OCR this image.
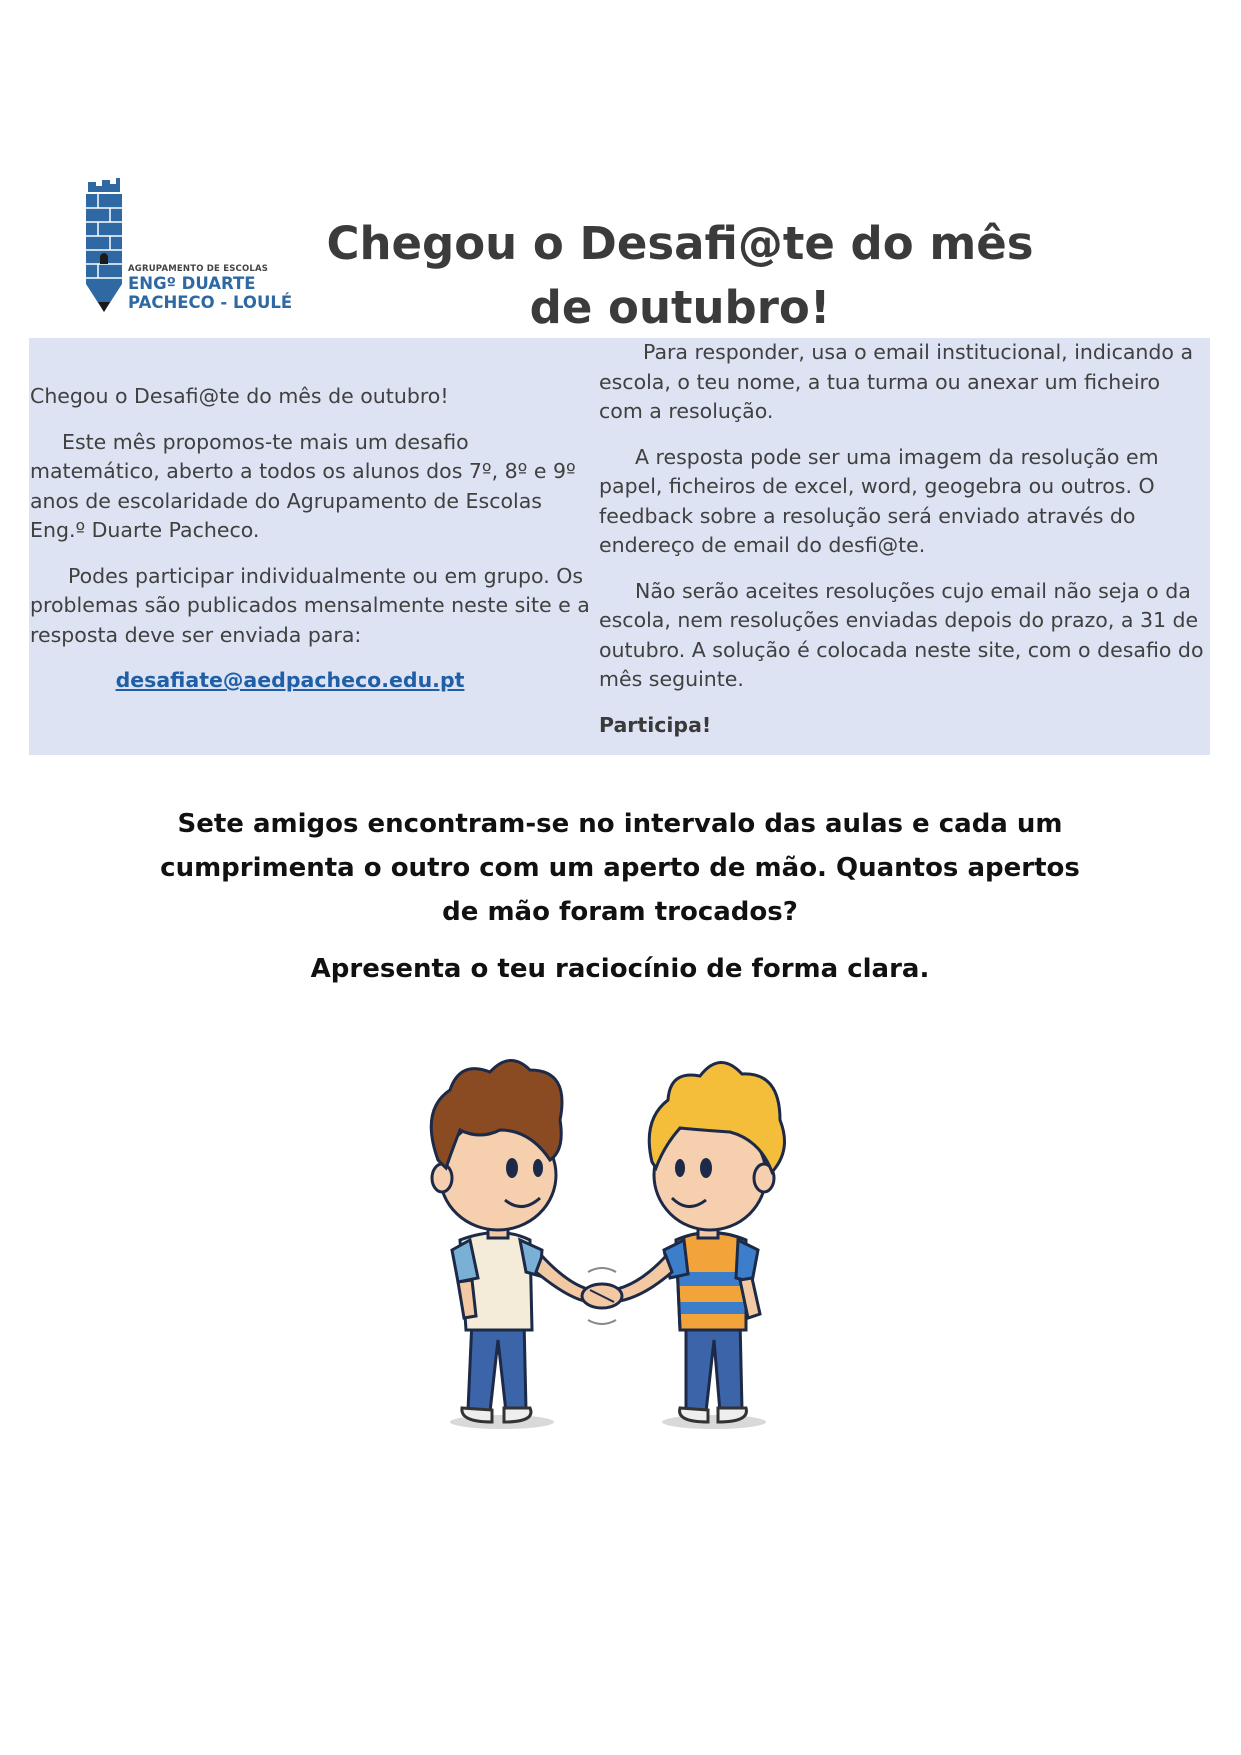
AGRUPAMENTO DE ESCOLAS
ENGº DUARTE
PACHECO - LOULÉ
Chegou o Desafi@te do mês de outubro!

Chegou o Desafi@te do mês de outubro!

Este mês propomos-te mais um desafio matemático, aberto a todos os alunos dos 7º, 8º e 9º anos de escolaridade do Agrupamento de Escolas Eng.º Duarte Pacheco.

Podes participar individualmente ou em grupo. Os problemas são publicados mensalmente neste site e a resposta deve ser enviada para:

desafiate@aedpacheco.edu.pt

Para responder, usa o email institucional, indicando a escola, o teu nome, a tua turma ou anexar um ficheiro com a resolução.

A resposta pode ser uma imagem da resolução em papel, ficheiros de excel, word, geogebra ou outros. O feedback sobre a resolução será enviado através do endereço de email do desfi@te.

Não serão aceites resoluções cujo email não seja o da escola, nem resoluções enviadas depois do prazo, a 31 de outubro. A solução é colocada neste site, com o desafio do mês seguinte.

Participa!

Sete amigos encontram-se no intervalo das aulas e cada um cumprimenta o outro com um aperto de mão. Quantos apertos de mão foram trocados?

Apresenta o teu raciocínio de forma clara.
